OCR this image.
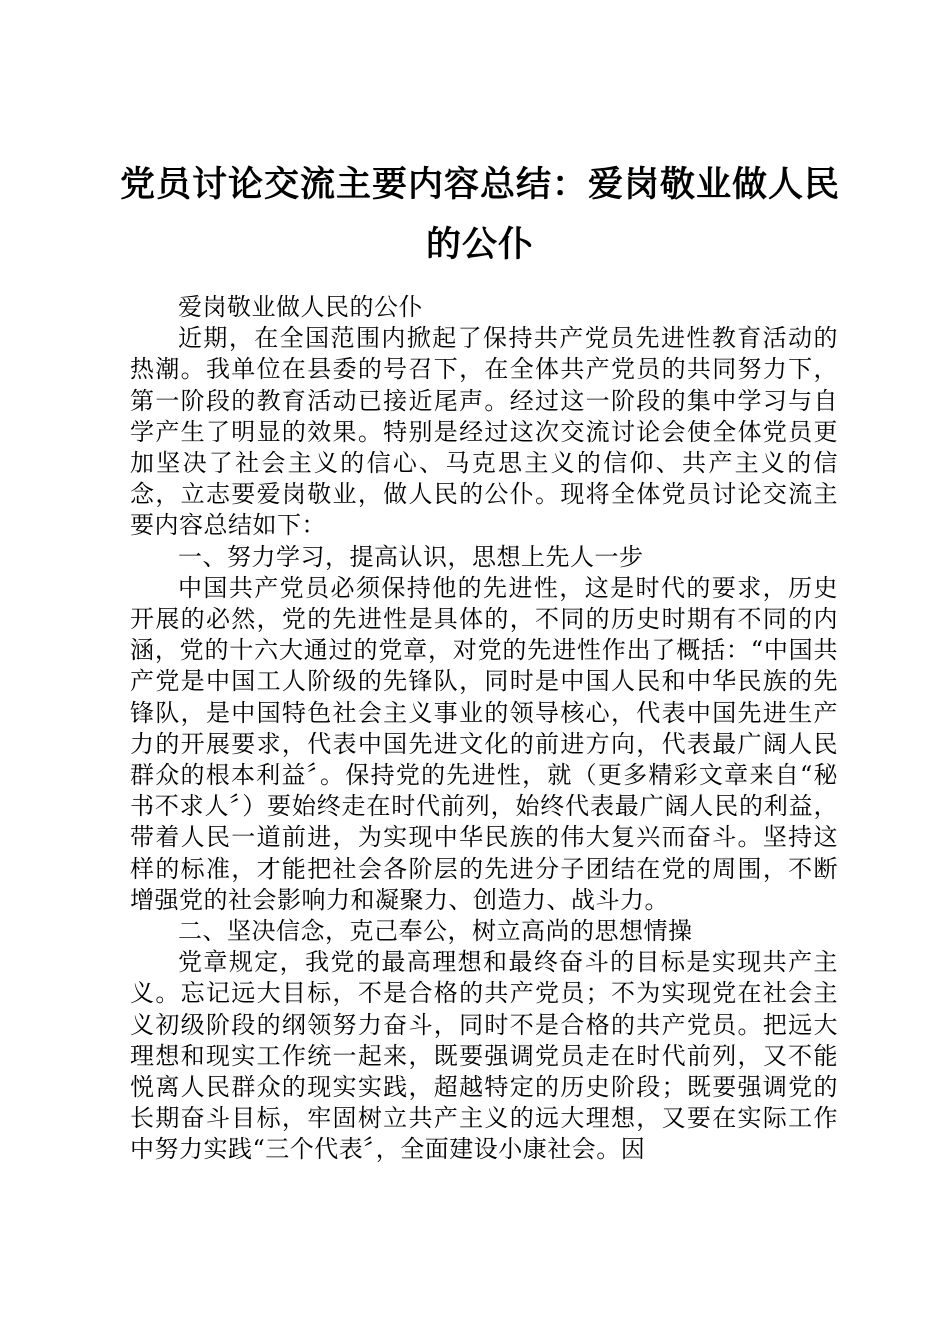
党员讨论交流主要内容总结：爱岗敬业做人民
的公仆

爱岗敬业做人民的公仆

近期，在全国范围内掀起了保持共产党员先进性教育活动的热潮。我单位在县委的号召下，在全体共产党员的共同努力下，第一阶段的教育活动已接近尾声。经过这一阶段的集中学习与自学产生了明显的效果。特别是经过这次交流讨论会使全体党员更加坚决了社会主义的信心、马克思主义的信仰、共产主义的信念，立志要爱岗敬业，做人民的公仆。现将全体党员讨论交流主要内容总结如下：

一、努力学习，提高认识，思想上先人一步

中国共产党员必须保持他的先进性，这是时代的要求，历史开展的必然，党的先进性是具体的，不同的历史时期有不同的内涵，党的十六大通过的党章，对党的先进性作出了概括：“中国共产党是中国工人阶级的先锋队，同时是中国人民和中华民族的先锋队，是中国特色社会主义事业的领导核心，代表中国先进生产力的开展要求，代表中国先进文化的前进方向，代表最广阔人民群众的根本利益〞。保持党的先进性，就（更多精彩文章来自“秘书不求人〞）要始终走在时代前列，始终代表最广阔人民的利益，带着人民一道前进，为实现中华民族的伟大复兴而奋斗。坚持这样的标准，才能把社会各阶层的先进分子团结在党的周围，不断增强党的社会影响力和凝聚力、创造力、战斗力。

二、坚决信念，克己奉公，树立高尚的思想情操

党章规定，我党的最高理想和最终奋斗的目标是实现共产主义。忘记远大目标，不是合格的共产党员；不为实现党在社会主义初级阶段的纲领努力奋斗，同时不是合格的共产党员。把远大理想和现实工作统一起来，既要强调党员走在时代前列，又不能悦离人民群众的现实实践，超越特定的历史阶段；既要强调党的长期奋斗目标，牢固树立共产主义的远大理想，又要在实际工作中努力实践“三个代表〞，全面建设小康社会。因
